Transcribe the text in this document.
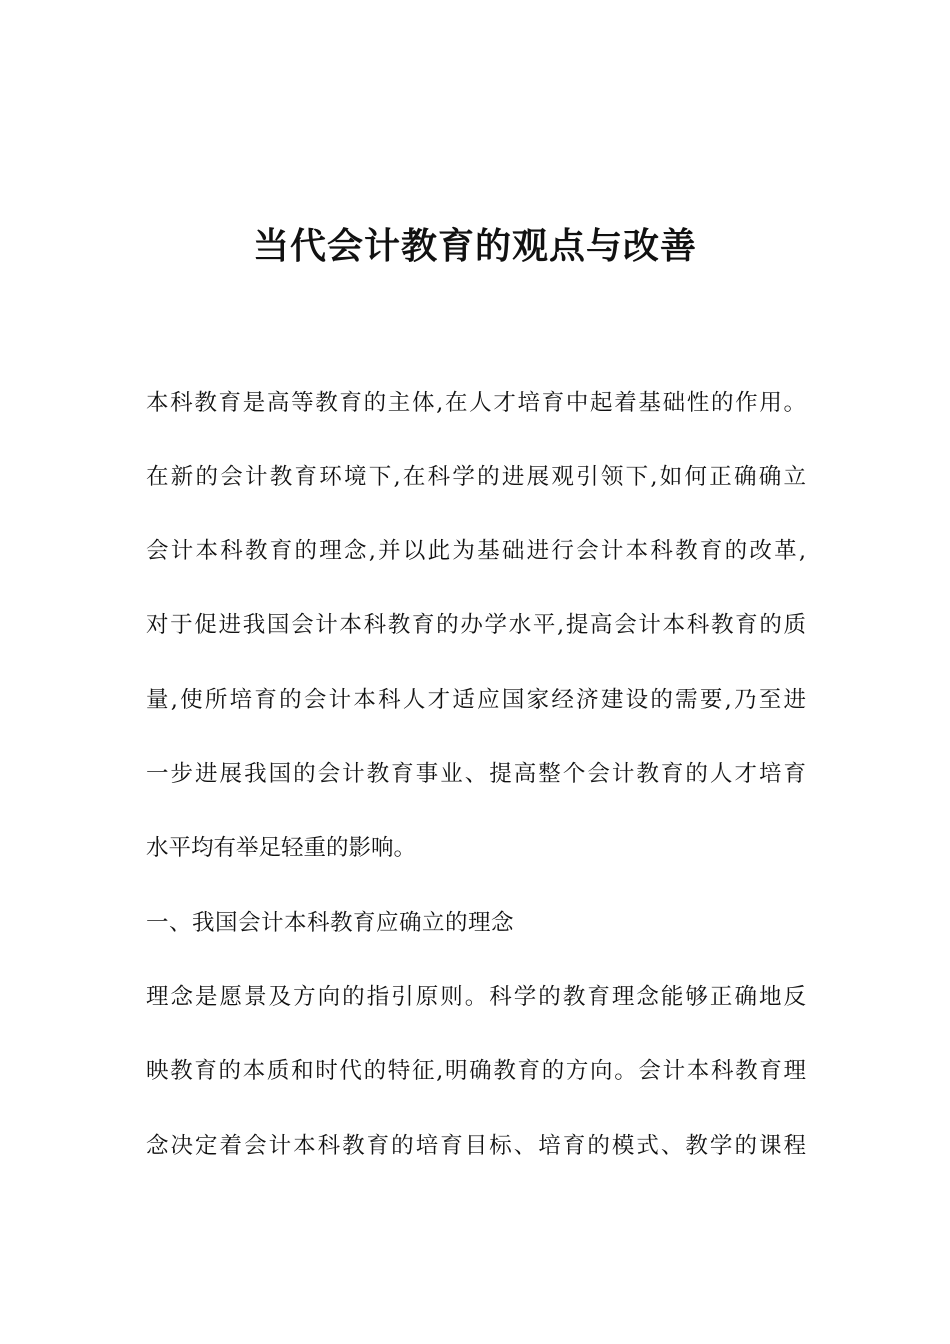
当代会计教育的观点与改善
本科教育是高等教育的主体,在人才培育中起着基础性的作用。
在新的会计教育环境下,在科学的进展观引领下,如何正确确立
会计本科教育的理念,并以此为基础进行会计本科教育的改革,
对于促进我国会计本科教育的办学水平,提高会计本科教育的质
量,使所培育的会计本科人才适应国家经济建设的需要,乃至进
一步进展我国的会计教育事业、提高整个会计教育的人才培育
水平均有举足轻重的影响。
一、我国会计本科教育应确立的理念
理念是愿景及方向的指引原则。科学的教育理念能够正确地反
映教育的本质和时代的特征,明确教育的方向。会计本科教育理
念决定着会计本科教育的培育目标、培育的模式、教学的课程
